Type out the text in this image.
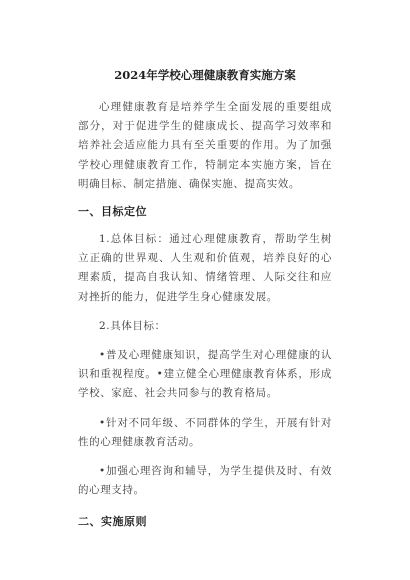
2024年学校心理健康教育实施方案

心理健康教育是培养学生全面发展的重要组成部分，对于促进学生的健康成长、提高学习效率和培养社会适应能力具有至关重要的作用。为了加强学校心理健康教育工作，特制定本实施方案，旨在明确目标、制定措施、确保实施、提高实效。

一、目标定位

1.总体目标：通过心理健康教育，帮助学生树立正确的世界观、人生观和价值观，培养良好的心理素质，提高自我认知、情绪管理、人际交往和应对挫折的能力，促进学生身心健康发展。

2.具体目标：

•普及心理健康知识，提高学生对心理健康的认识和重视程度。•建立健全心理健康教育体系，形成学校、家庭、社会共同参与的教育格局。

•针对不同年级、不同群体的学生，开展有针对性的心理健康教育活动。

•加强心理咨询和辅导，为学生提供及时、有效的心理支持。

二、实施原则
